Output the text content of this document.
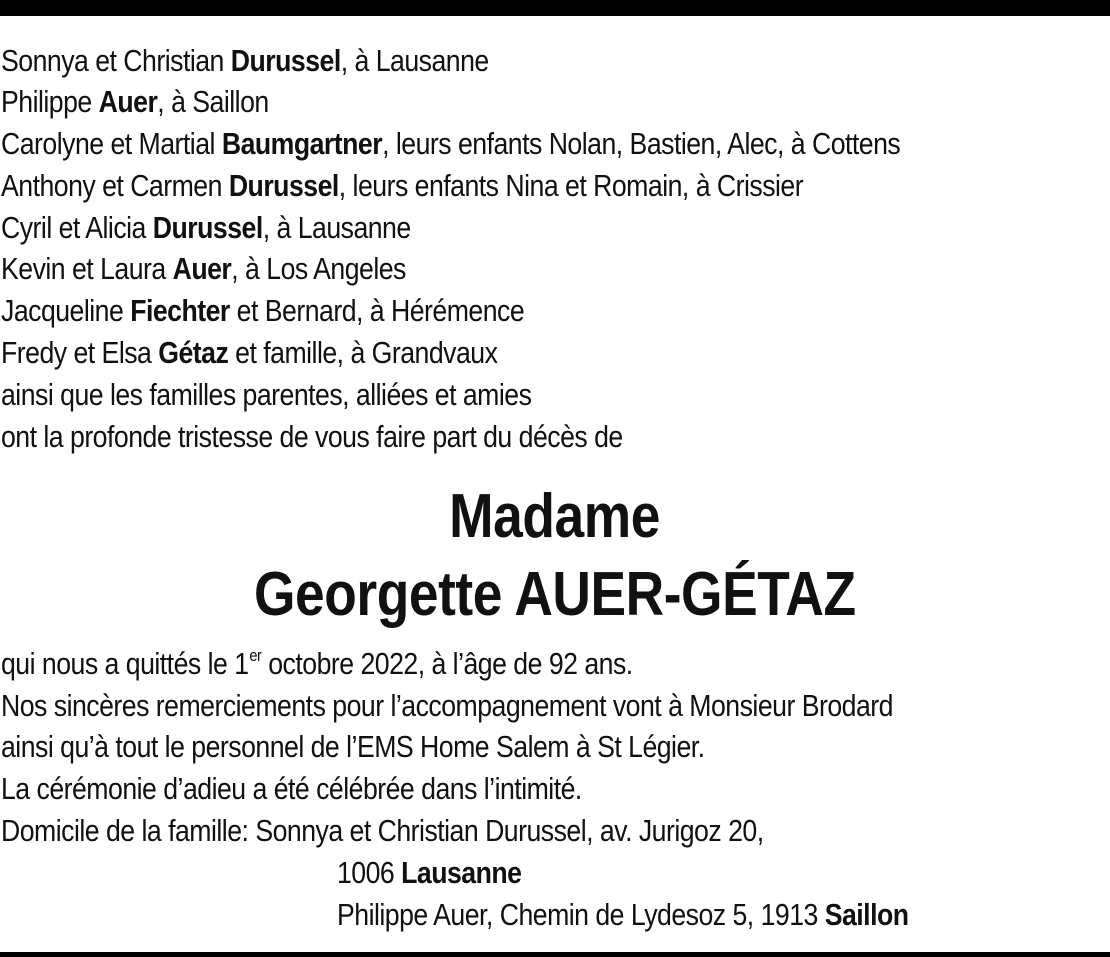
Sonnya et Christian Durussel, à Lausanne
Philippe Auer, à Saillon
Carolyne et Martial Baumgartner, leurs enfants Nolan, Bastien, Alec, à Cottens
Anthony et Carmen Durussel, leurs enfants Nina et Romain, à Crissier
Cyril et Alicia Durussel, à Lausanne
Kevin et Laura Auer, à Los Angeles
Jacqueline Fiechter et Bernard, à Hérémence
Fredy et Elsa Gétaz et famille, à Grandvaux
ainsi que les familles parentes, alliées et amies
ont la profonde tristesse de vous faire part du décès de
Madame
Georgette AUER-GÉTAZ
qui nous a quittés le 1er octobre 2022, à l’âge de 92 ans.
Nos sincères remerciements pour l’accompagnement vont à Monsieur Brodard
ainsi qu’à tout le personnel de l’EMS Home Salem à St Légier.
La cérémonie d’adieu a été célébrée dans l’intimité.
Domicile de la famille: Sonnya et Christian Durussel, av. Jurigoz 20,
1006 Lausanne
Philippe Auer, Chemin de Lydesoz 5, 1913 Saillon
